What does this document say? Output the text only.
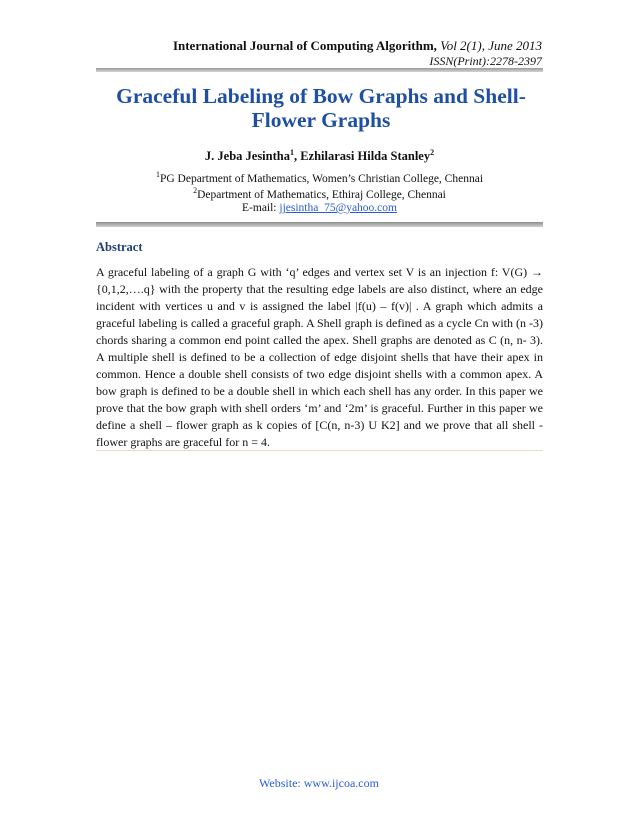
International Journal of Computing Algorithm, Vol 2(1), June 2013
ISSN(Print):2278-2397
Graceful Labeling of Bow Graphs and Shell-Flower Graphs
J. Jeba Jesintha$^1$, Ezhilarasi Hilda Stanley$^2$
$^1$PG Department of Mathematics, Women’s Christian College, Chennai
$^2$Department of Mathematics, Ethiraj College, Chennai
E-mail: jjesintha_75@yahoo.com
Abstract

A graceful labeling of a graph G with ‘q’ edges and vertex set V is an injection f: V(G) → {0,1,2,….q} with the property that the resulting edge labels are also distinct, where an edge incident with vertices u and v is assigned the label |f(u) – f(v)| . A graph which admits a graceful labeling is called a graceful graph. A Shell graph is defined as a cycle Cn with (n -3) chords sharing a common end point called the apex. Shell graphs are denoted as C (n, n- 3). A multiple shell is defined to be a collection of edge disjoint shells that have their apex in common. Hence a double shell consists of two edge disjoint shells with a common apex. A bow graph is defined to be a double shell in which each shell has any order. In this paper we prove that the bow graph with shell orders ‘m’ and ‘2m’ is graceful. Further in this paper we define a shell – flower graph as k copies of [C(n, n-3) U K2] and we prove that all shell - flower graphs are graceful for n = 4.

Website: www.ijcoa.com
